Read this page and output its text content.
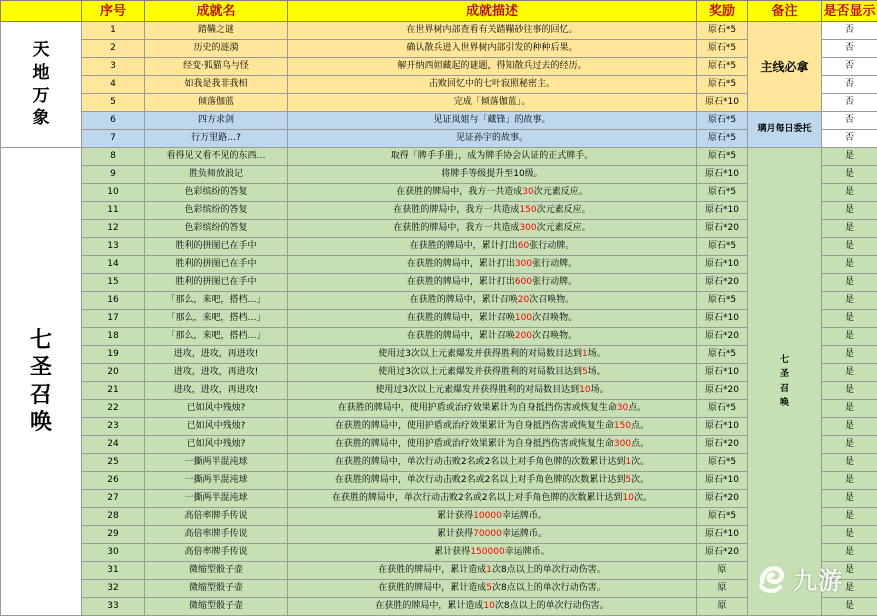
	序号	成就名	成就描述	奖励	备注	是否显示
天地万象	1	踏鞴之谜	在世界树内部查看有关踏鞴砂往事的回忆。	原石*5	主线必拿	否
	2	历史的涟漪	确认散兵进入世界树内部引发的种种后果。	原石*5		否
	3	经变·狐猫乌与怪	解开纳西妲藏起的谜题，得知散兵过去的经历。	原石*5		否
	4	如我是我非我相	击败回忆中的七叶寂照秘密主。	原石*5		否
	5	倾落伽蓝	完成「倾落伽蓝」。	原石*10		否
	6	四方求剑	见证岚姐与「藏锋」的故事。	原石*5	璃月每日委托	否
	7	行万里路…?	见证孙宇的故事。	原石*5		否
七圣召唤	8	看得见又看不见的东西…	取得「牌手手册」，成为牌手协会认证的正式牌手。	原石*5	七圣召唤	是
	9	胜负师放浪记	将牌手等级提升至10级。	原石*10		是
	10	色彩缤纷的答复	在获胜的牌局中，我方一共造成30次元素反应。	原石*5		是
	11	色彩缤纷的答复	在获胜的牌局中，我方一共造成150次元素反应。	原石*10		是
	12	色彩缤纷的答复	在获胜的牌局中，我方一共造成300次元素反应。	原石*20		是
	13	胜利的拼图已在手中	在获胜的牌局中，累计打出60张行动牌。	原石*5		是
	14	胜利的拼图已在手中	在获胜的牌局中，累计打出300张行动牌。	原石*10		是
	15	胜利的拼图已在手中	在获胜的牌局中，累计打出600张行动牌。	原石*20		是
	16	「那么，来吧，搭档…」	在获胜的牌局中，累计召唤20次召唤物。	原石*5		是
	17	「那么，来吧，搭档…」	在获胜的牌局中，累计召唤100次召唤物。	原石*10		是
	18	「那么，来吧，搭档…」	在获胜的牌局中，累计召唤200次召唤物。	原石*20		是
	19	进攻，进攻，再进攻!	使用过3次以上元素爆发并获得胜利的对局数目达到1场。	原石*5		是
	20	进攻，进攻，再进攻!	使用过3次以上元素爆发并获得胜利的对局数目达到5场。	原石*10		是
	21	进攻，进攻，再进攻!	使用过3次以上元素爆发并获得胜利的对局数目达到10场。	原石*20		是
	22	已如风中残烛?	在获胜的牌局中，使用护盾或治疗效果累计为自身抵挡伤害或恢复生命30点。	原石*5		是
	23	已如风中残烛?	在获胜的牌局中，使用护盾或治疗效果累计为自身抵挡伤害或恢复生命150点。	原石*10		是
	24	已如风中残烛?	在获胜的牌局中，使用护盾或治疗效果累计为自身抵挡伤害或恢复生命300点。	原石*20		是
	25	一撕两半混沌球	在获胜的牌局中，单次行动击败2名或2名以上对手角色牌的次数累计达到1次。	原石*5		是
	26	一撕两半混沌球	在获胜的牌局中，单次行动击败2名或2名以上对手角色牌的次数累计达到5次。	原石*10		是
	27	一撕两半混沌球	在获胜的牌局中，单次行动击败2名或2名以上对手角色牌的次数累计达到10次。	原石*20		是
	28	高倍率牌手传说	累计获得10000幸运牌币。	原石*5		是
	29	高倍率牌手传说	累计获得70000幸运牌币。	原石*10		是
	30	高倍率牌手传说	累计获得150000幸运牌币。	原石*20		是
	31	微缩型骰子壶	在获胜的牌局中，累计造成1次8点以上的单次行动伤害。	原		是
	32	微缩型骰子壶	在获胜的牌局中，累计造成5次8点以上的单次行动伤害。	原		是
	33	微缩型骰子壶	在获胜的牌局中，累计造成10次8点以上的单次行动伤害。	原		是
九游
